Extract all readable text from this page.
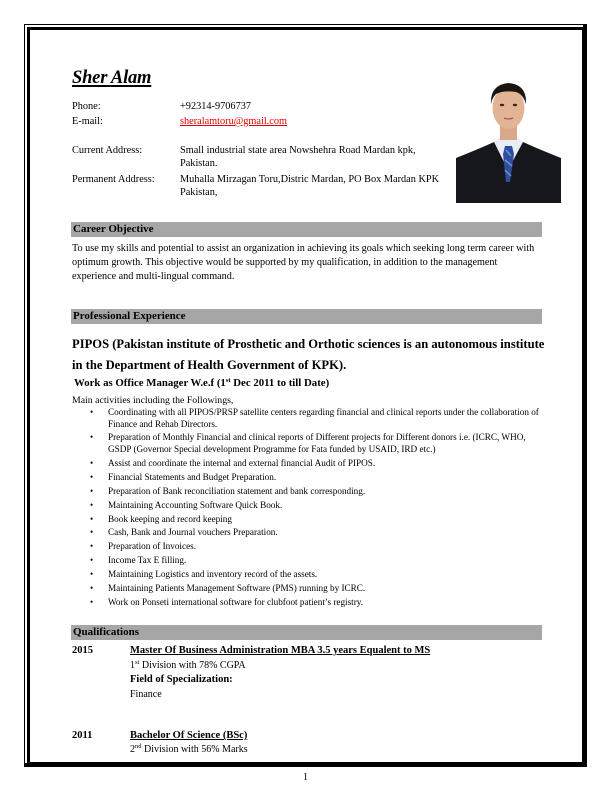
Sher Alam
Phone:	+92314-9706737
E-mail:	sheralamtoru@gmail.com
Current Address:	Small industrial state area Nowshehra Road Mardan kpk, Pakistan.
Permanent Address: Muhalla Mirzagan Toru,Distric Mardan, PO Box Mardan KPK Pakistan,
Career Objective
To use my skills and potential to assist an organization in achieving its goals which seeking long term career with optimum growth. This objective would be supported by my qualification, in addition to the management experience and multi-lingual command.
Professional Experience
PIPOS (Pakistan institute of Prosthetic and Orthotic sciences is an autonomous institute in the Department of Health Government of KPK).
Work as Office Manager W.e.f (1st Dec 2011 to till Date)
Main activities including the Followings,
• Coordinating with all PIPOS/PRSP satellite centers regarding financial and clinical reports under the collaboration of Finance and Rehab Directors.
• Preparation of Monthly Financial and clinical reports of Different projects for Different donors i.e. (ICRC, WHO, GSDP (Governor Special development Programme for Fata funded by USAID, IRD etc.)
• Assist and coordinate the internal and external financial Audit of PIPOS.
• Financial Statements and Budget Preparation.
• Preparation of Bank reconciliation statement and bank corresponding.
• Maintaining Accounting Software Quick Book.
• Book keeping and record keeping
• Cash, Bank and Journal vouchers Preparation.
• Preparation of Invoices.
• Income Tax E filling.
• Maintaining Logistics and inventory record of the assets.
• Maintaining Patients Management Software (PMS) running by ICRC.
• Work on Ponseti international software for clubfoot patient’s registry.
Qualifications
2015	Master Of Business Administration MBA 3.5 years Equalent to MS
1st Division with 78% CGPA
Field of Specialization:
Finance
2011	Bachelor Of Science (BSc)
2nd Division with 56% Marks
1
